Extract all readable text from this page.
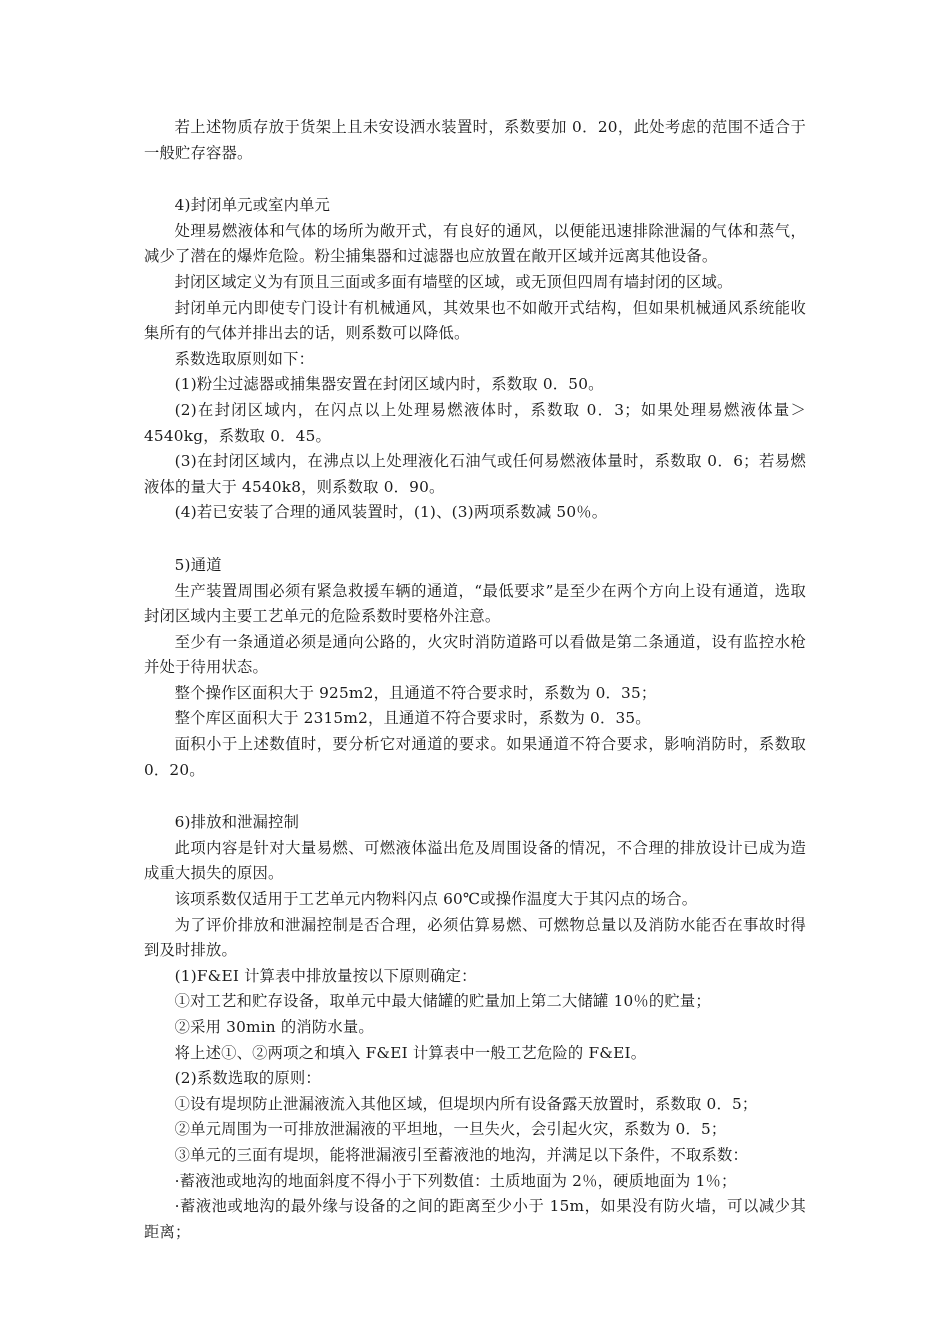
若上述物质存放于货架上且未安设洒水装置时，系数要加 0．20，此处考虑的范围不适合于一般贮存容器。

4)封闭单元或室内单元

处理易燃液体和气体的场所为敞开式，有良好的通风，以便能迅速排除泄漏的气体和蒸气，减少了潜在的爆炸危险。粉尘捕集器和过滤器也应放置在敞开区域并远离其他设备。

封闭区域定义为有顶且三面或多面有墙壁的区域，或无顶但四周有墙封闭的区域。

封闭单元内即使专门设计有机械通风，其效果也不如敞开式结构，但如果机械通风系统能收集所有的气体并排出去的话，则系数可以降低。

系数选取原则如下：

(1)粉尘过滤器或捕集器安置在封闭区域内时，系数取 0．50。

(2)在封闭区域内，在闪点以上处理易燃液体时，系数取 0．3；如果处理易燃液体量＞4540kg，系数取 0．45。

(3)在封闭区域内，在沸点以上处理液化石油气或任何易燃液体量时，系数取 0．6；若易燃液体的量大于 4540k8，则系数取 0．90。

(4)若已安装了合理的通风装置时，(1)、(3)两项系数减 50％。

5)通道

生产装置周围必须有紧急救援车辆的通道，“最低要求”是至少在两个方向上设有通道，选取封闭区域内主要工艺单元的危险系数时要格外注意。

至少有一条通道必须是通向公路的，火灾时消防道路可以看做是第二条通道，设有监控水枪并处于待用状态。

整个操作区面积大于 925m2，且通道不符合要求时，系数为 0．35；

整个库区面积大于 2315m2，且通道不符合要求时，系数为 0．35。

面积小于上述数值时，要分析它对通道的要求。如果通道不符合要求，影响消防时，系数取 0．20。

6)排放和泄漏控制

此项内容是针对大量易燃、可燃液体溢出危及周围设备的情况，不合理的排放设计已成为造成重大损失的原因。

该项系数仅适用于工艺单元内物料闪点 60℃或操作温度大于其闪点的场合。

为了评价排放和泄漏控制是否合理，必须估算易燃、可燃物总量以及消防水能否在事故时得到及时排放。

(1)F&EI 计算表中排放量按以下原则确定：

①对工艺和贮存设备，取单元中最大储罐的贮量加上第二大储罐 10％的贮量；

②采用 30min 的消防水量。

将上述①、②两项之和填入 F&EI 计算表中一般工艺危险的 F&EI。

(2)系数选取的原则：

①设有堤坝防止泄漏液流入其他区域，但堤坝内所有设备露天放置时，系数取 0．5；

②单元周围为一可排放泄漏液的平坦地，一旦失火，会引起火灾，系数为 0．5；

③单元的三面有堤坝，能将泄漏液引至蓄液池的地沟，并满足以下条件，不取系数：

·蓄液池或地沟的地面斜度不得小于下列数值：土质地面为 2％，硬质地面为 1％；

·蓄液池或地沟的最外缘与设备的之间的距离至少小于 15m，如果没有防火墙，可以减少其距离；
